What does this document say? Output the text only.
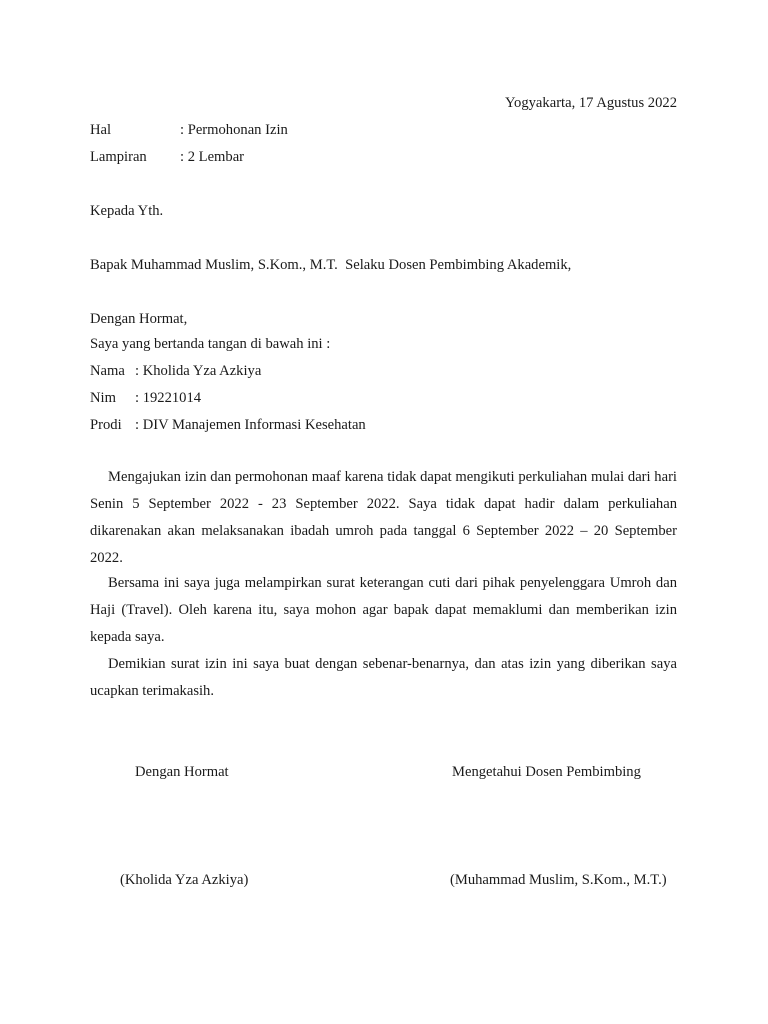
Yogyakarta, 17 Agustus 2022
Hal	: Permohonan Izin
Lampiran : 2 Lembar
Kepada Yth.
Bapak Muhammad Muslim, S.Kom., M.T.  Selaku Dosen Pembimbing Akademik,
Dengan Hormat,
Saya yang bertanda tangan di bawah ini :
Nama : Kholida Yza Azkiya
Nim : 19221014
Prodi : DIV Manajemen Informasi Kesehatan
Mengajukan izin dan permohonan maaf karena tidak dapat mengikuti perkuliahan mulai dari hari Senin 5 September 2022 - 23 September 2022. Saya tidak dapat hadir dalam perkuliahan dikarenakan akan melaksanakan ibadah umroh pada tanggal 6 September 2022 – 20 September 2022.
Bersama ini saya juga melampirkan surat keterangan cuti dari pihak penyelenggara Umroh dan Haji (Travel). Oleh karena itu, saya mohon agar bapak dapat memaklumi dan memberikan izin kepada saya.
Demikian surat izin ini saya buat dengan sebenar-benarnya, dan atas izin yang diberikan saya ucapkan terimakasih.
Dengan Hormat	Mengetahui Dosen Pembimbing
(Kholida Yza Azkiya)	(Muhammad Muslim, S.Kom., M.T.)
